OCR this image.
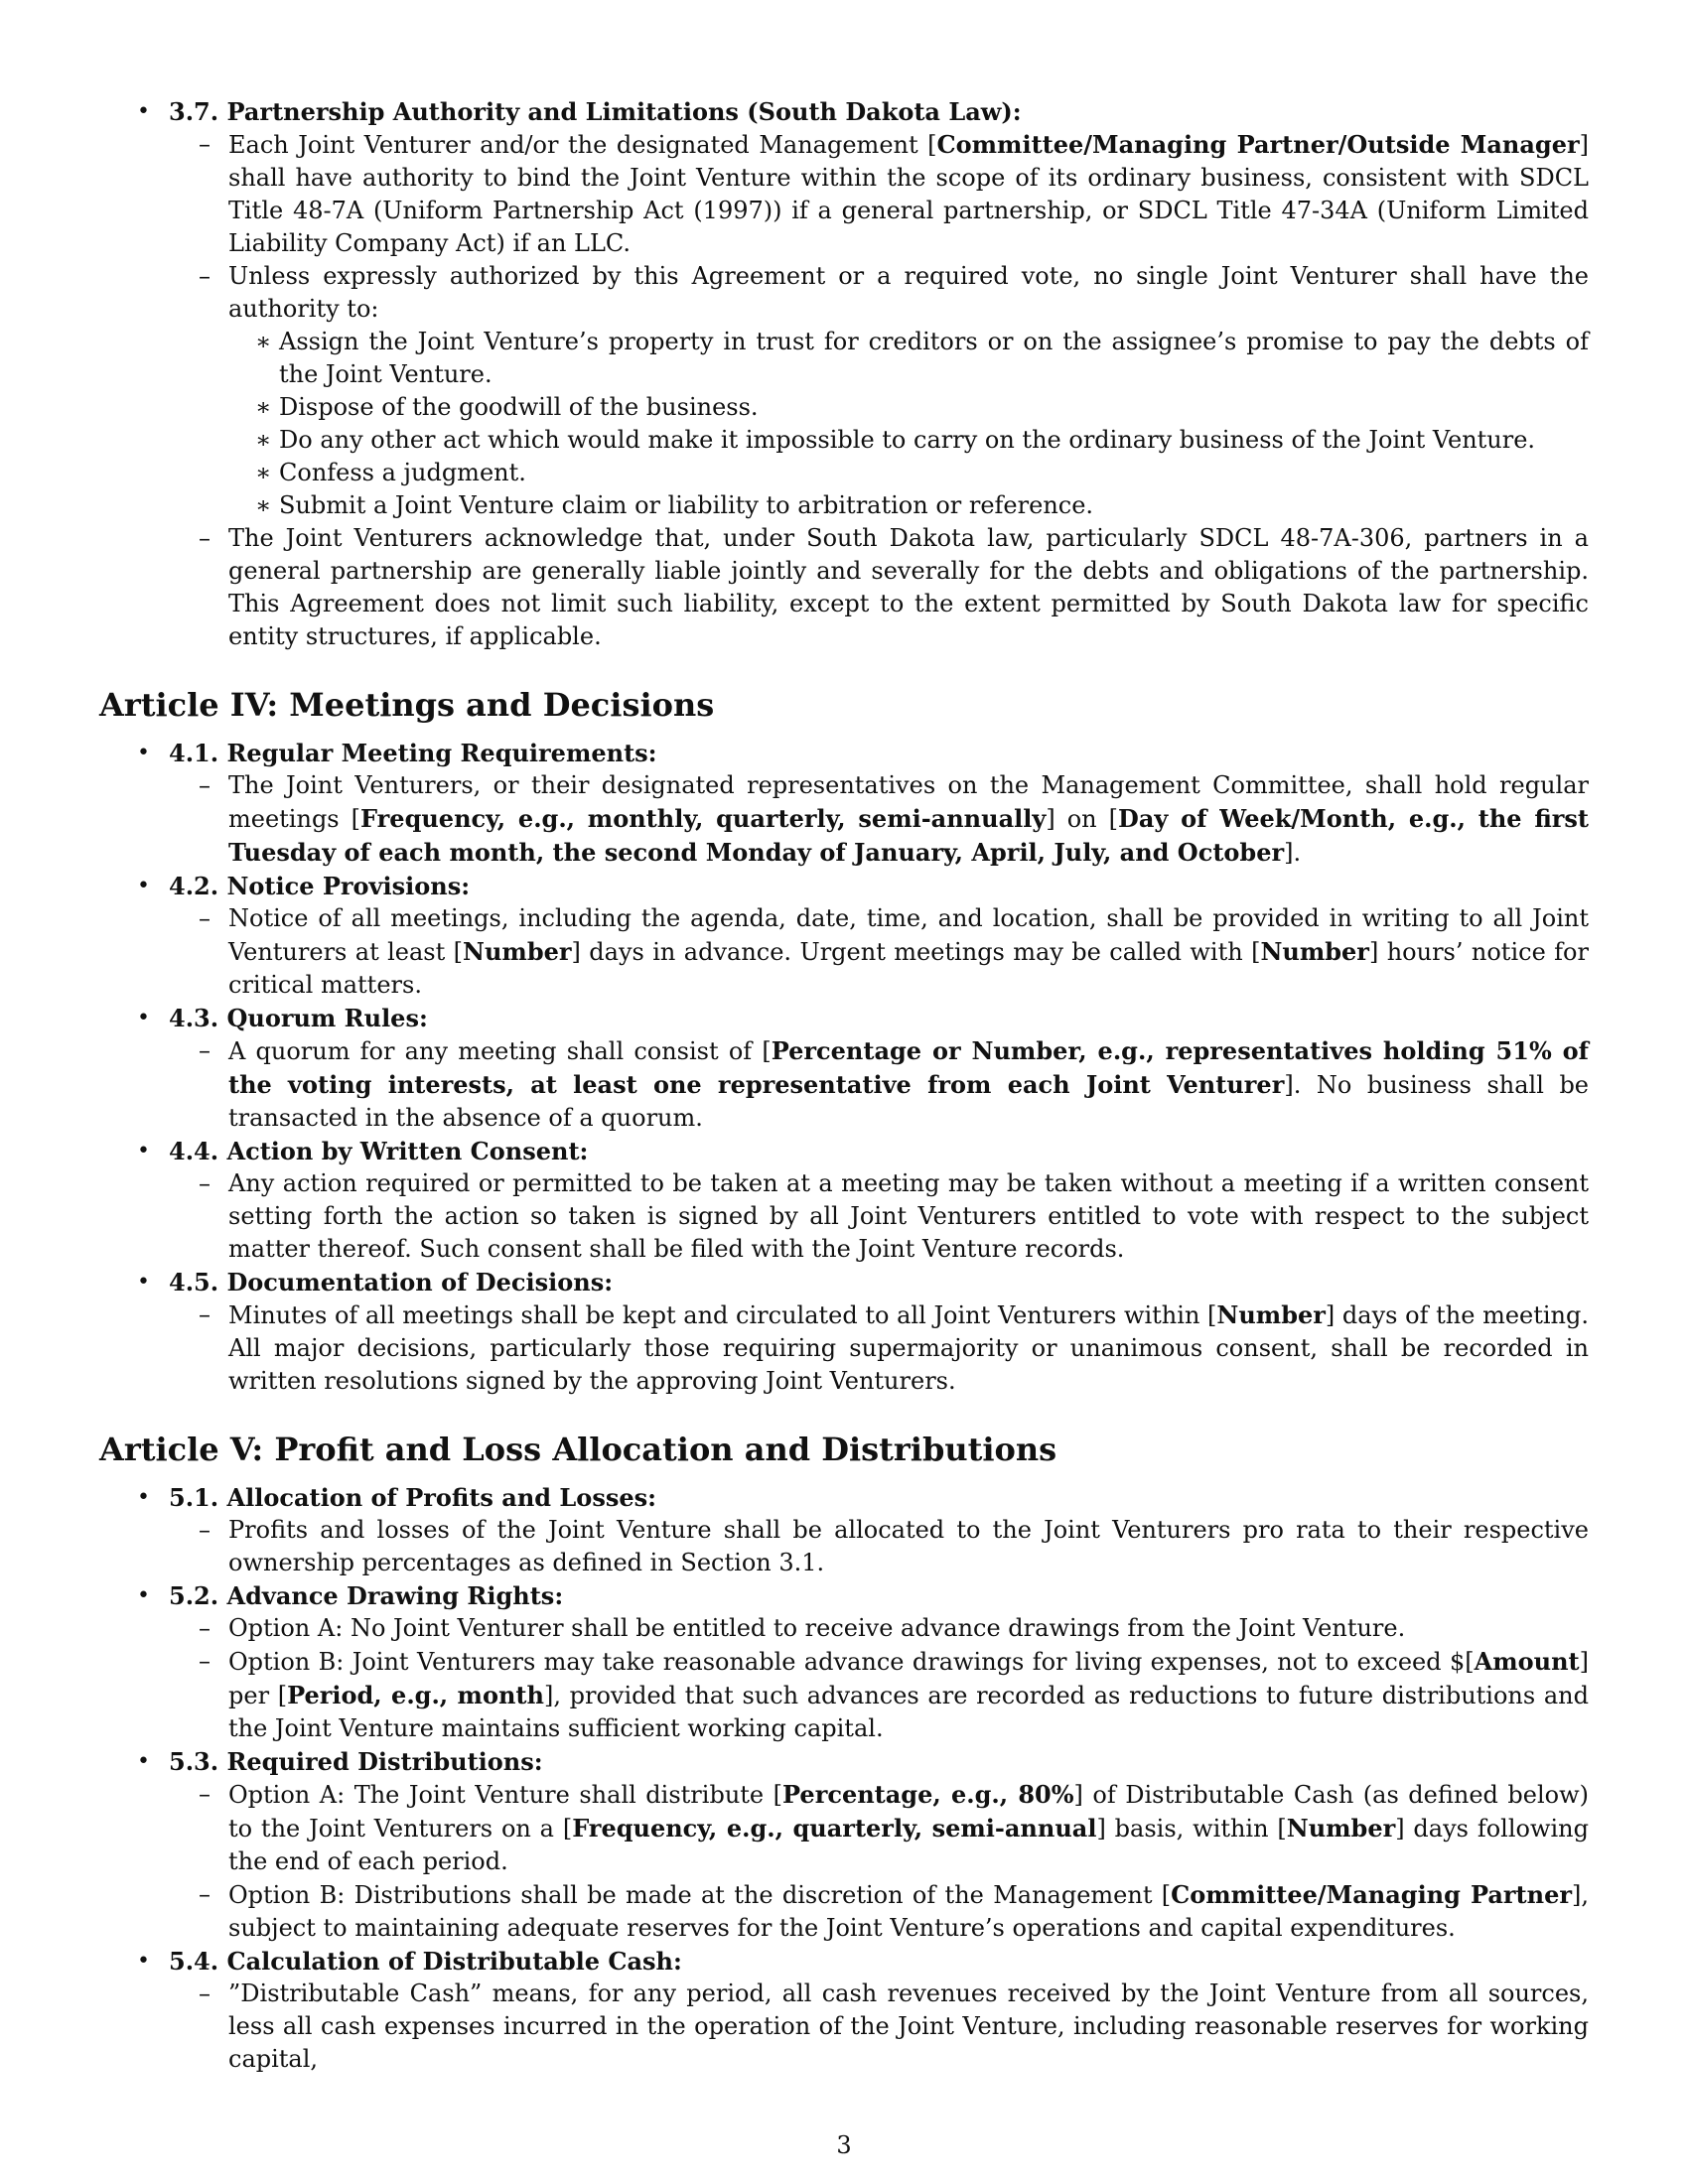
• 3.7. Partnership Authority and Limitations (South Dakota Law):

– Each Joint Venturer and/or the designated Management [Committee/Managing Partner/Outside Manager] shall have authority to bind the Joint Venture within the scope of its ordinary business, consistent with SDCL Title 48-7A (Uniform Partnership Act (1997)) if a general partnership, or SDCL Title 47-34A (Uniform Limited Liability Company Act) if an LLC.

– Unless expressly authorized by this Agreement or a required vote, no single Joint Venturer shall have the authority to:

∗ Assign the Joint Venture’s property in trust for creditors or on the assignee’s promise to pay the debts of the Joint Venture.

∗ Dispose of the goodwill of the business.

∗ Do any other act which would make it impossible to carry on the ordinary business of the Joint Venture.

∗ Confess a judgment.

∗ Submit a Joint Venture claim or liability to arbitration or reference.

– The Joint Venturers acknowledge that, under South Dakota law, particularly SDCL 48-7A-306, partners in a general partnership are generally liable jointly and severally for the debts and obligations of the partnership. This Agreement does not limit such liability, except to the extent permitted by South Dakota law for specific entity structures, if applicable.

Article IV: Meetings and Decisions
• 4.1. Regular Meeting Requirements:

– The Joint Venturers, or their designated representatives on the Management Committee, shall hold regular meetings [Frequency, e.g., monthly, quarterly, semi-annually] on [Day of Week/Month, e.g., the first Tuesday of each month, the second Monday of January, April, July, and October].

• 4.2. Notice Provisions:

– Notice of all meetings, including the agenda, date, time, and location, shall be provided in writing to all Joint Venturers at least [Number] days in advance. Urgent meetings may be called with [Number] hours’ notice for critical matters.

• 4.3. Quorum Rules:

– A quorum for any meeting shall consist of [Percentage or Number, e.g., representatives holding 51% of the voting interests, at least one representative from each Joint Venturer]. No business shall be transacted in the absence of a quorum.

• 4.4. Action by Written Consent:

– Any action required or permitted to be taken at a meeting may be taken without a meeting if a written consent setting forth the action so taken is signed by all Joint Venturers entitled to vote with respect to the subject matter thereof. Such consent shall be filed with the Joint Venture records.

• 4.5. Documentation of Decisions:

– Minutes of all meetings shall be kept and circulated to all Joint Venturers within [Number] days of the meeting. All major decisions, particularly those requiring supermajority or unanimous consent, shall be recorded in written resolutions signed by the approving Joint Venturers.

Article V: Profit and Loss Allocation and Distributions
• 5.1. Allocation of Profits and Losses:

– Profits and losses of the Joint Venture shall be allocated to the Joint Venturers pro rata to their respective ownership percentages as defined in Section 3.1.

• 5.2. Advance Drawing Rights:

– Option A: No Joint Venturer shall be entitled to receive advance drawings from the Joint Venture.

– Option B: Joint Venturers may take reasonable advance drawings for living expenses, not to exceed $[Amount] per [Period, e.g., month], provided that such advances are recorded as reductions to future distributions and the Joint Venture maintains sufficient working capital.

• 5.3. Required Distributions:

– Option A: The Joint Venture shall distribute [Percentage, e.g., 80%] of Distributable Cash (as defined below) to the Joint Venturers on a [Frequency, e.g., quarterly, semi-annual] basis, within [Number] days following the end of each period.

– Option B: Distributions shall be made at the discretion of the Management [Committee/Managing Partner], subject to maintaining adequate reserves for the Joint Venture’s operations and capital expenditures.

• 5.4. Calculation of Distributable Cash:

– ”Distributable Cash” means, for any period, all cash revenues received by the Joint Venture from all sources, less all cash expenses incurred in the operation of the Joint Venture, including reasonable reserves for working capital,

3
